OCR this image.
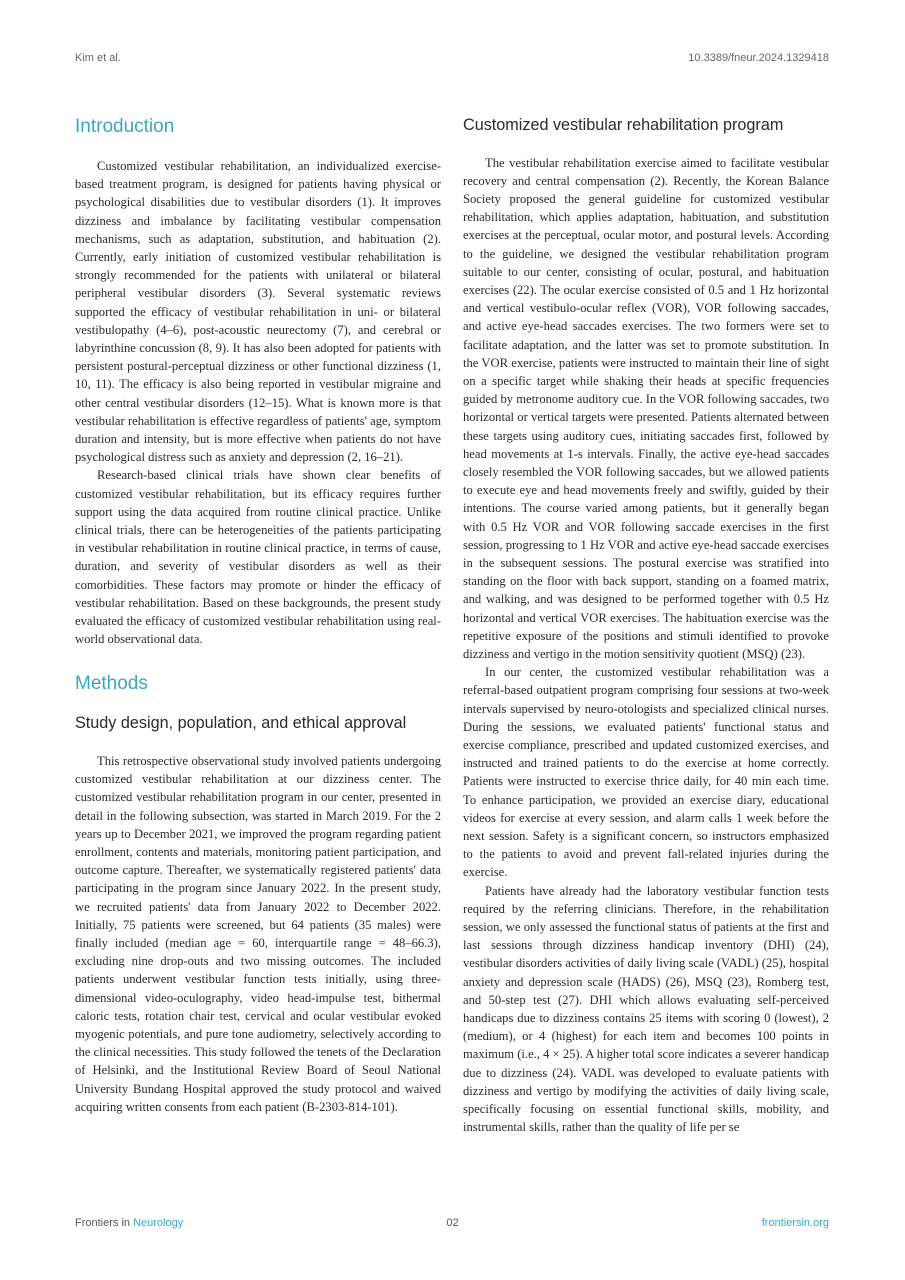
Kim et al.	10.3389/fneur.2024.1329418
Introduction

Customized vestibular rehabilitation, an individualized exercise-based treatment program, is designed for patients having physical or psychological disabilities due to vestibular disorders (1). It improves dizziness and imbalance by facilitating vestibular compensation mechanisms, such as adaptation, substitution, and habituation (2). Currently, early initiation of customized vestibular rehabilitation is strongly recommended for the patients with unilateral or bilateral peripheral vestibular disorders (3). Several systematic reviews supported the efficacy of vestibular rehabilitation in uni- or bilateral vestibulopathy (4–6), post-acoustic neurectomy (7), and cerebral or labyrinthine concussion (8, 9). It has also been adopted for patients with persistent postural-perceptual dizziness or other functional dizziness (1, 10, 11). The efficacy is also being reported in vestibular migraine and other central vestibular disorders (12–15). What is known more is that vestibular rehabilitation is effective regardless of patients' age, symptom duration and intensity, but is more effective when patients do not have psychological distress such as anxiety and depression (2, 16–21).

Research-based clinical trials have shown clear benefits of customized vestibular rehabilitation, but its efficacy requires further support using the data acquired from routine clinical practice. Unlike clinical trials, there can be heterogeneities of the patients participating in vestibular rehabilitation in routine clinical practice, in terms of cause, duration, and severity of vestibular disorders as well as their comorbidities. These factors may promote or hinder the efficacy of vestibular rehabilitation. Based on these backgrounds, the present study evaluated the efficacy of customized vestibular rehabilitation using real-world observational data.

Methods
Study design, population, and ethical approval

This retrospective observational study involved patients undergoing customized vestibular rehabilitation at our dizziness center. The customized vestibular rehabilitation program in our center, presented in detail in the following subsection, was started in March 2019. For the 2 years up to December 2021, we improved the program regarding patient enrollment, contents and materials, monitoring patient participation, and outcome capture. Thereafter, we systematically registered patients' data participating in the program since January 2022. In the present study, we recruited patients' data from January 2022 to December 2022. Initially, 75 patients were screened, but 64 patients (35 males) were finally included (median age = 60, interquartile range = 48–66.3), excluding nine drop-outs and two missing outcomes. The included patients underwent vestibular function tests initially, using three-dimensional video-oculography, video head-impulse test, bithermal caloric tests, rotation chair test, cervical and ocular vestibular evoked myogenic potentials, and pure tone audiometry, selectively according to the clinical necessities. This study followed the tenets of the Declaration of Helsinki, and the Institutional Review Board of Seoul National University Bundang Hospital approved the study protocol and waived acquiring written consents from each patient (B-2303-814-101).

Customized vestibular rehabilitation program

The vestibular rehabilitation exercise aimed to facilitate vestibular recovery and central compensation (2). Recently, the Korean Balance Society proposed the general guideline for customized vestibular rehabilitation, which applies adaptation, habituation, and substitution exercises at the perceptual, ocular motor, and postural levels. According to the guideline, we designed the vestibular rehabilitation program suitable to our center, consisting of ocular, postural, and habituation exercises (22). The ocular exercise consisted of 0.5 and 1 Hz horizontal and vertical vestibulo-ocular reflex (VOR), VOR following saccades, and active eye-head saccades exercises. The two formers were set to facilitate adaptation, and the latter was set to promote substitution. In the VOR exercise, patients were instructed to maintain their line of sight on a specific target while shaking their heads at specific frequencies guided by metronome auditory cue. In the VOR following saccades, two horizontal or vertical targets were presented. Patients alternated between these targets using auditory cues, initiating saccades first, followed by head movements at 1-s intervals. Finally, the active eye-head saccades closely resembled the VOR following saccades, but we allowed patients to execute eye and head movements freely and swiftly, guided by their intentions. The course varied among patients, but it generally began with 0.5 Hz VOR and VOR following saccade exercises in the first session, progressing to 1 Hz VOR and active eye-head saccade exercises in the subsequent sessions. The postural exercise was stratified into standing on the floor with back support, standing on a foamed matrix, and walking, and was designed to be performed together with 0.5 Hz horizontal and vertical VOR exercises. The habituation exercise was the repetitive exposure of the positions and stimuli identified to provoke dizziness and vertigo in the motion sensitivity quotient (MSQ) (23).

In our center, the customized vestibular rehabilitation was a referral-based outpatient program comprising four sessions at two-week intervals supervised by neuro-otologists and specialized clinical nurses. During the sessions, we evaluated patients' functional status and exercise compliance, prescribed and updated customized exercises, and instructed and trained patients to do the exercise at home correctly. Patients were instructed to exercise thrice daily, for 40 min each time. To enhance participation, we provided an exercise diary, educational videos for exercise at every session, and alarm calls 1 week before the next session. Safety is a significant concern, so instructors emphasized to the patients to avoid and prevent fall-related injuries during the exercise.

Patients have already had the laboratory vestibular function tests required by the referring clinicians. Therefore, in the rehabilitation session, we only assessed the functional status of patients at the first and last sessions through dizziness handicap inventory (DHI) (24), vestibular disorders activities of daily living scale (VADL) (25), hospital anxiety and depression scale (HADS) (26), MSQ (23), Romberg test, and 50-step test (27). DHI which allows evaluating self-perceived handicaps due to dizziness contains 25 items with scoring 0 (lowest), 2 (medium), or 4 (highest) for each item and becomes 100 points in maximum (i.e., 4 × 25). A higher total score indicates a severer handicap due to dizziness (24). VADL was developed to evaluate patients with dizziness and vertigo by modifying the activities of daily living scale, specifically focusing on essential functional skills, mobility, and instrumental skills, rather than the quality of life per se

Frontiers in Neurology	02	frontiersin.org
